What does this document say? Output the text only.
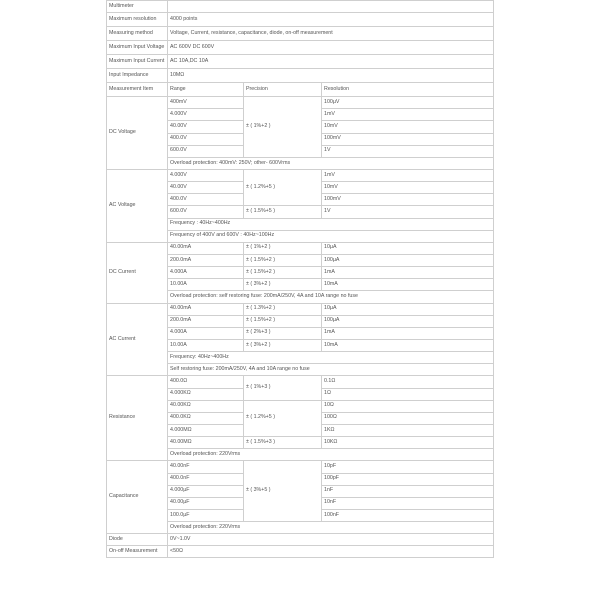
Multimeter			
Maximum resolution	4000 points		
Measuring method	Voltage, Current, resistance, capacitance, diode, on-off measurement		
Maximum Input Voltage	AC 600V DC 600V		
Maximum Input Current	AC 10A,DC 10A		
Input Impedance	10MΩ		
Measurement Item	Range	Precision	Resolution
DC Voltage	400mV	± ( 1%+2 )	100µV
	4.000V		1mV
	40.00V		10mV
	400.0V		100mV
	600.0V		1V
	Overload protection: 400mV: 250V; other- 600Vrms		
AC Voltage	4.000V	± ( 1.2%+5 )	1mV
	40.00V		10mV
	400.0V		100mV
	600.0V	± ( 1.5%+5 )	1V
	Frequency : 40Hz~400Hz		
	Frequency of 400V and 600V : 40Hz~100Hz		
DC Current	40.00mA	± ( 1%+2 )	10µA
	200.0mA	± ( 1.5%+2 )	100µA
	4.000A	± ( 1.5%+2 )	1mA
	10.00A	± ( 3%+2 )	10mA
	Overload protection: self restoring fuse: 200mA/250V, 4A and 10A range no fuse		
AC Current	40.00mA	± ( 1.3%+2 )	10µA
	200.0mA	± ( 1.5%+2 )	100µA
	4.000A	± ( 2%+3 )	1mA
	10.00A	± ( 3%+2 )	10mA
	Frequency: 40Hz~400Hz		
	Self restoring fuse: 200mA/250V, 4A and 10A range no fuse		
Resistance	400.0Ω	± ( 1%+3 )	0.1Ω
	4.000KΩ		1Ω
	40.00KΩ	± ( 1.2%+5 )	10Ω
	400.0KΩ		100Ω
	4.000MΩ		1KΩ
	40.00MΩ	± ( 1.5%+3 )	10KΩ
	Overload protection: 220Vrms		
Capacitance	40.00nF	± ( 3%+5 )	10pF
	400.0nF		100pF
	4.000µF		1nF
	40.00µF		10nF
	100.0µF		100nF
	Overload protection: 220Vrms		
Diode	0V~1.0V		
On-off Measurement	<50Ω		
